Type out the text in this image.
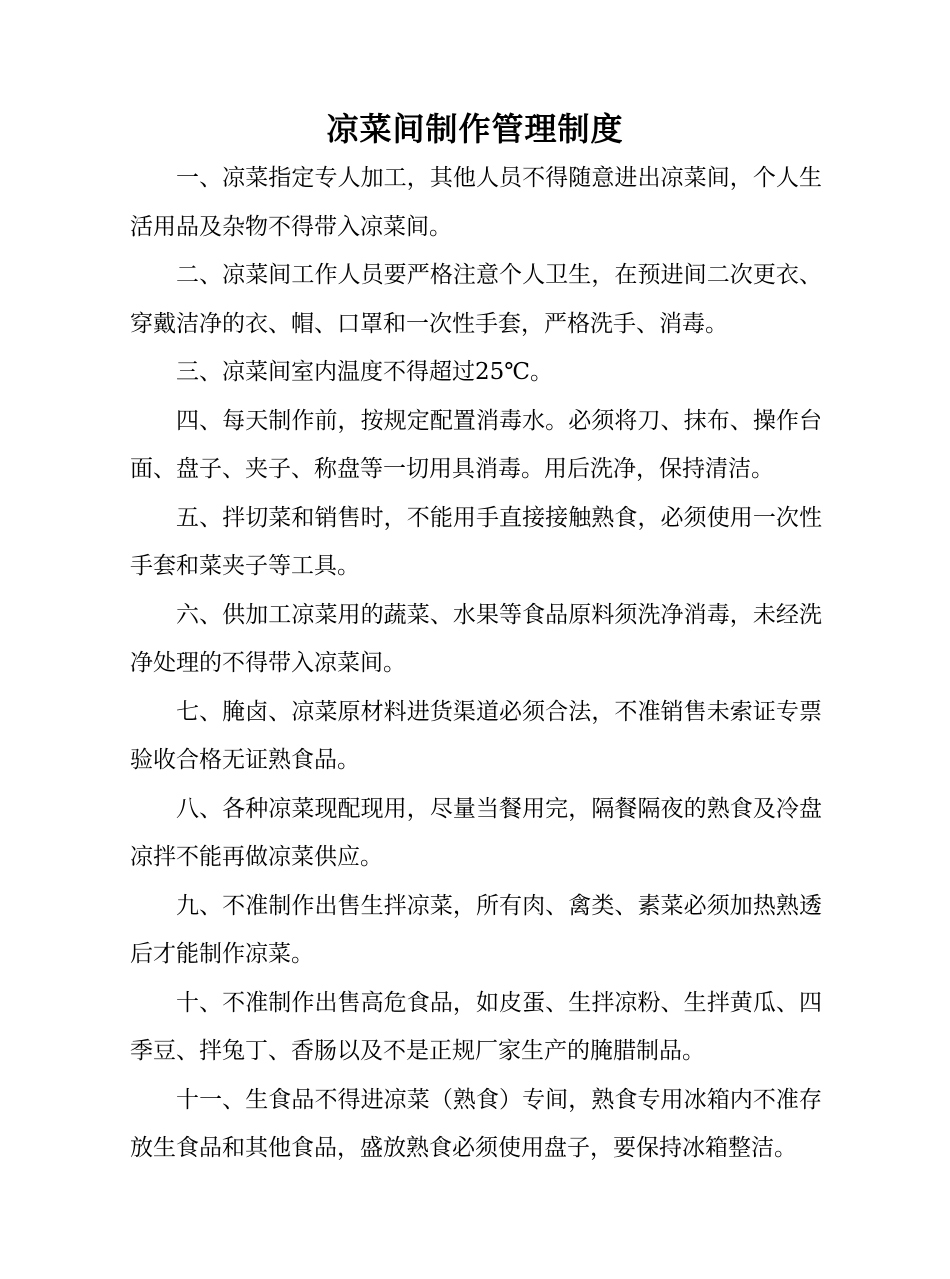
凉菜间制作管理制度

一、凉菜指定专人加工，其他人员不得随意进出凉菜间，个人生活用品及杂物不得带入凉菜间。

二、凉菜间工作人员要严格注意个人卫生，在预进间二次更衣、穿戴洁净的衣、帽、口罩和一次性手套，严格洗手、消毒。

三、凉菜间室内温度不得超过25℃。

四、每天制作前，按规定配置消毒水。必须将刀、抹布、操作台面、盘子、夹子、称盘等一切用具消毒。用后洗净，保持清洁。

五、拌切菜和销售时，不能用手直接接触熟食，必须使用一次性手套和菜夹子等工具。

六、供加工凉菜用的蔬菜、水果等食品原料须洗净消毒，未经洗净处理的不得带入凉菜间。

七、腌卤、凉菜原材料进货渠道必须合法，不准销售未索证专票验收合格无证熟食品。

八、各种凉菜现配现用，尽量当餐用完，隔餐隔夜的熟食及冷盘凉拌不能再做凉菜供应。

九、不准制作出售生拌凉菜，所有肉、禽类、素菜必须加热熟透后才能制作凉菜。

十、不准制作出售高危食品，如皮蛋、生拌凉粉、生拌黄瓜、四季豆、拌兔丁、香肠以及不是正规厂家生产的腌腊制品。

十一、生食品不得进凉菜（熟食）专间，熟食专用冰箱内不准存放生食品和其他食品，盛放熟食必须使用盘子，要保持冰箱整洁。
